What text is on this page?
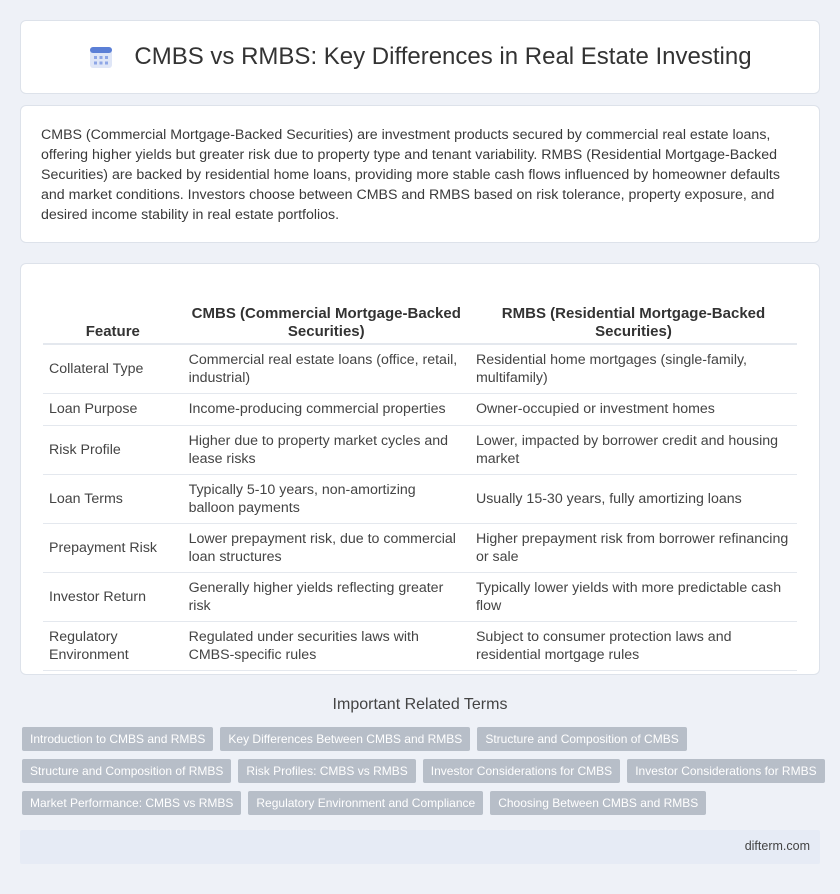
CMBS vs RMBS: Key Differences in Real Estate Investing

CMBS (Commercial Mortgage-Backed Securities) are investment products secured by commercial real estate loans, offering higher yields but greater risk due to property type and tenant variability. RMBS (Residential Mortgage-Backed Securities) are backed by residential home loans, providing more stable cash flows influenced by homeowner defaults and market conditions. Investors choose between CMBS and RMBS based on risk tolerance, property exposure, and desired income stability in real estate portfolios.

Feature	CMBS (Commercial Mortgage-Backed Securities)	RMBS (Residential Mortgage-Backed Securities)
Collateral Type	Commercial real estate loans (office, retail, industrial)	Residential home mortgages (single-family, multifamily)
Loan Purpose	Income-producing commercial properties	Owner-occupied or investment homes
Risk Profile	Higher due to property market cycles and lease risks	Lower, impacted by borrower credit and housing market
Loan Terms	Typically 5-10 years, non-amortizing balloon payments	Usually 15-30 years, fully amortizing loans
Prepayment Risk	Lower prepayment risk, due to commercial loan structures	Higher prepayment risk from borrower refinancing or sale
Investor Return	Generally higher yields reflecting greater risk	Typically lower yields with more predictable cash flow
Regulatory Environment	Regulated under securities laws with CMBS-specific rules	Subject to consumer protection laws and residential mortgage rules
Important Related Terms
Introduction to CMBS and RMBS	Key Differences Between CMBS and RMBS	Structure and Composition of CMBS
Structure and Composition of RMBS	Risk Profiles: CMBS vs RMBS	Investor Considerations for CMBS	Investor Considerations for RMBS
Market Performance: CMBS vs RMBS	Regulatory Environment and Compliance	Choosing Between CMBS and RMBS
difterm.com
